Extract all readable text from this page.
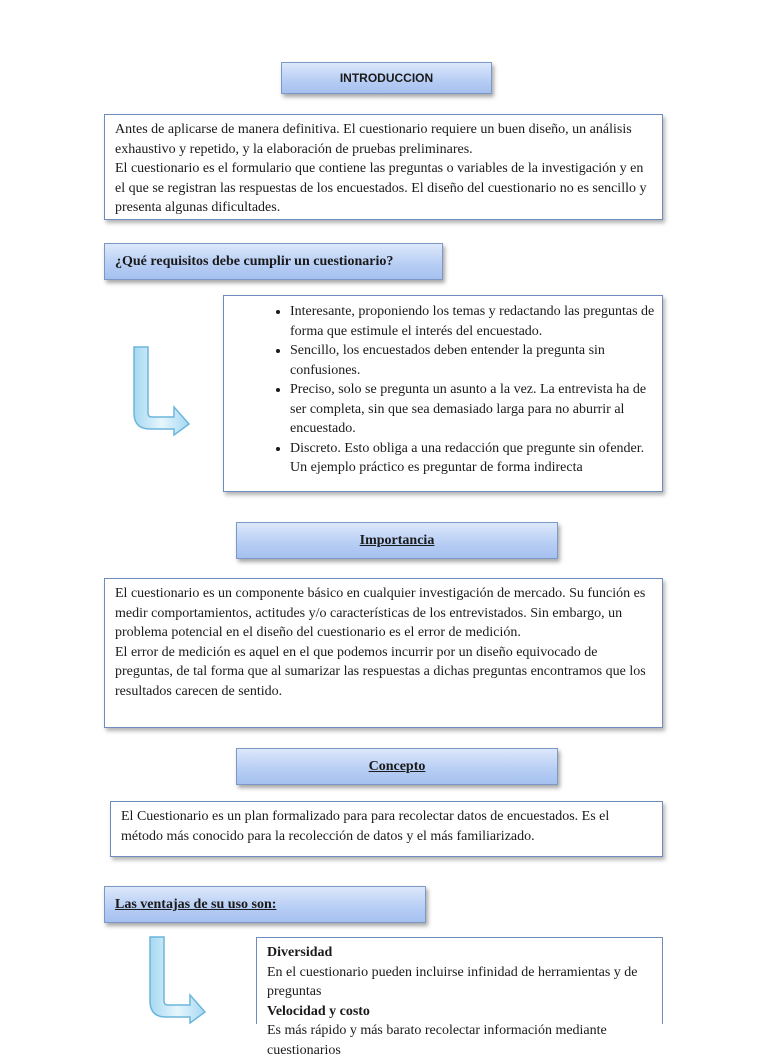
INTRODUCCION

Antes de aplicarse de manera definitiva. El cuestionario requiere un buen diseño, un análisis exhaustivo y repetido, y la elaboración de pruebas preliminares.

El cuestionario es el formulario que contiene las preguntas o variables de la investigación y en el que se registran las respuestas de los encuestados. El diseño del cuestionario no es sencillo y presenta algunas dificultades.

¿Qué requisitos debe cumplir un cuestionario?
• Interesante, proponiendo los temas y redactando las preguntas de forma que estimule el interés del encuestado.
• Sencillo, los encuestados deben entender la pregunta sin confusiones.
• Preciso, solo se pregunta un asunto a la vez. La entrevista ha de ser completa, sin que sea demasiado larga para no aburrir al encuestado.
• Discreto. Esto obliga a una redacción que pregunte sin ofender. Un ejemplo práctico es preguntar de forma indirecta
Importancia

El cuestionario es un componente básico en cualquier investigación de mercado. Su función es medir comportamientos, actitudes y/o características de los entrevistados. Sin embargo, un problema potencial en el diseño del cuestionario es el error de medición.

El error de medición es aquel en el que podemos incurrir por un diseño equivocado de preguntas, de tal forma que al sumarizar las respuestas a dichas preguntas encontramos que los resultados carecen de sentido.

Concepto

El Cuestionario es un plan formalizado para para recolectar datos de encuestados. Es el método más conocido para la recolección de datos y el más familiarizado.

Las ventajas de su uso son:

Diversidad

En el cuestionario pueden incluirse infinidad de herramientas y de preguntas

Velocidad y costo

Es más rápido y más barato recolectar información mediante cuestionarios
